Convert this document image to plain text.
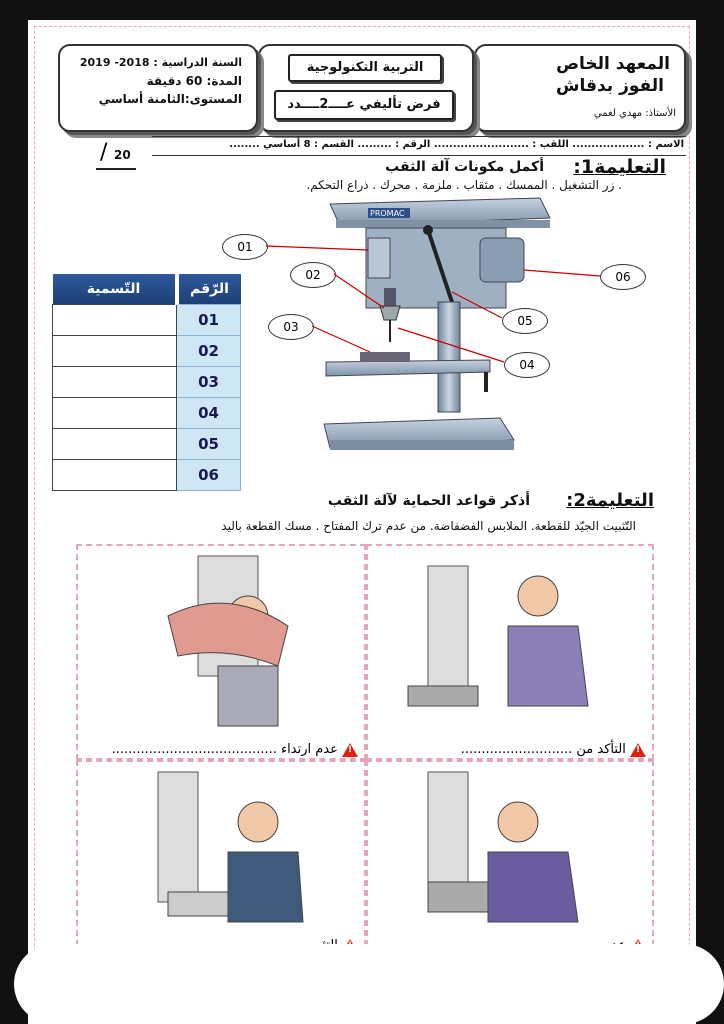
المعهد الخاص
الفوز بدقاش
الأستاذ: مهدي لغمي
التربية التكنولوجية
فرض تأليفي عــــ2ــــدد
السنة الدراسية : 2018- 2019
المدة: 60 دقيقة
المستوى:الثامنة أساسي
الاسم : ................... اللقب : ......................... الرقم : ......... القسم : 8 أساسي ........
/ 20
التعليمة1:
أكمل مكونات آلة الثقب
. زر التشغيل . الممسك . مثقاب . ملزمة . محرك . ذراع التحكم.
التّسمية	الرّقم
	01
	02
	03
	04
	05
	06
PROMAC
01
02
03
04
05
06
التعليمة2:
أذكر قواعد الحماية لآلة الثقب
التّثبيت الجيّد للقطعة. الملابس الفضفاضة. من عدم ترك المفتاح . مسك القطعة باليد
! عدم ارتداء ........................................ !	التأكد من ...........................
!
!
